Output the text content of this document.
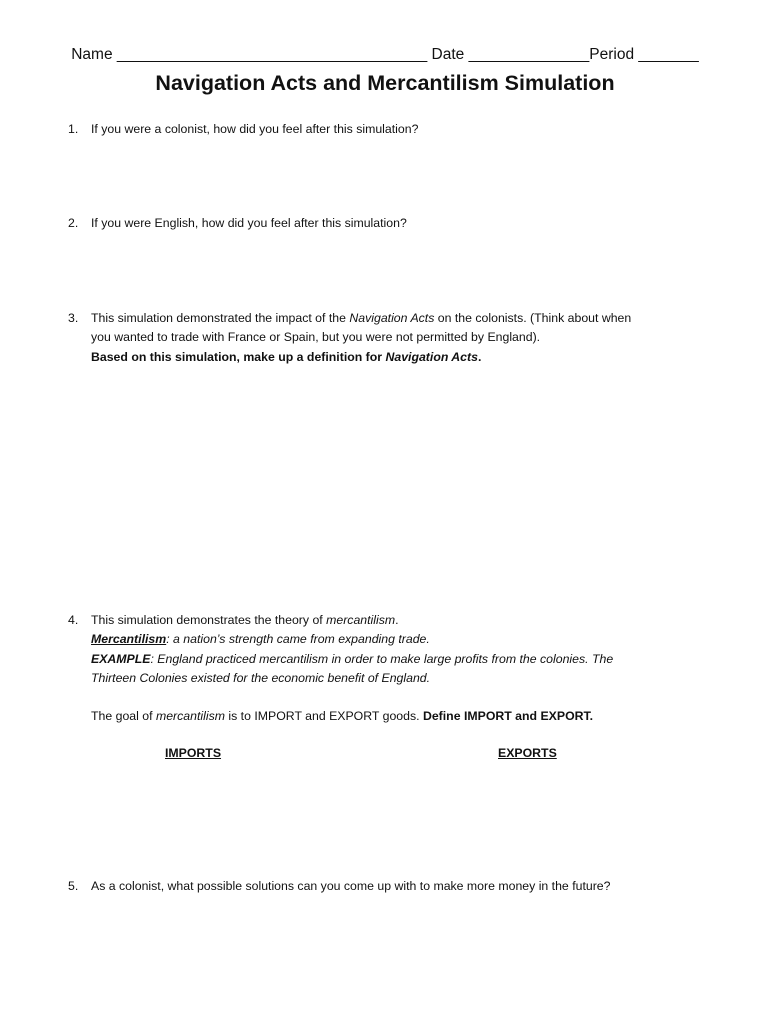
Name ____________________________________ Date ______________Period _______
Navigation Acts and Mercantilism Simulation
1. If you were a colonist, how did you feel after this simulation?
2. If you were English, how did you feel after this simulation?
3. This simulation demonstrated the impact of the Navigation Acts on the colonists. (Think about when
you wanted to trade with France or Spain, but you were not permitted by England).
Based on this simulation, make up a definition for Navigation Acts.
4. This simulation demonstrates the theory of mercantilism.
Mercantilism: a nation’s strength came from expanding trade.
EXAMPLE: England practiced mercantilism in order to make large profits from the colonies. The
Thirteen Colonies existed for the economic benefit of England.
The goal of mercantilism is to IMPORT and EXPORT goods. Define IMPORT and EXPORT.
IMPORTS	EXPORTS
5. As a colonist, what possible solutions can you come up with to make more money in the future?
